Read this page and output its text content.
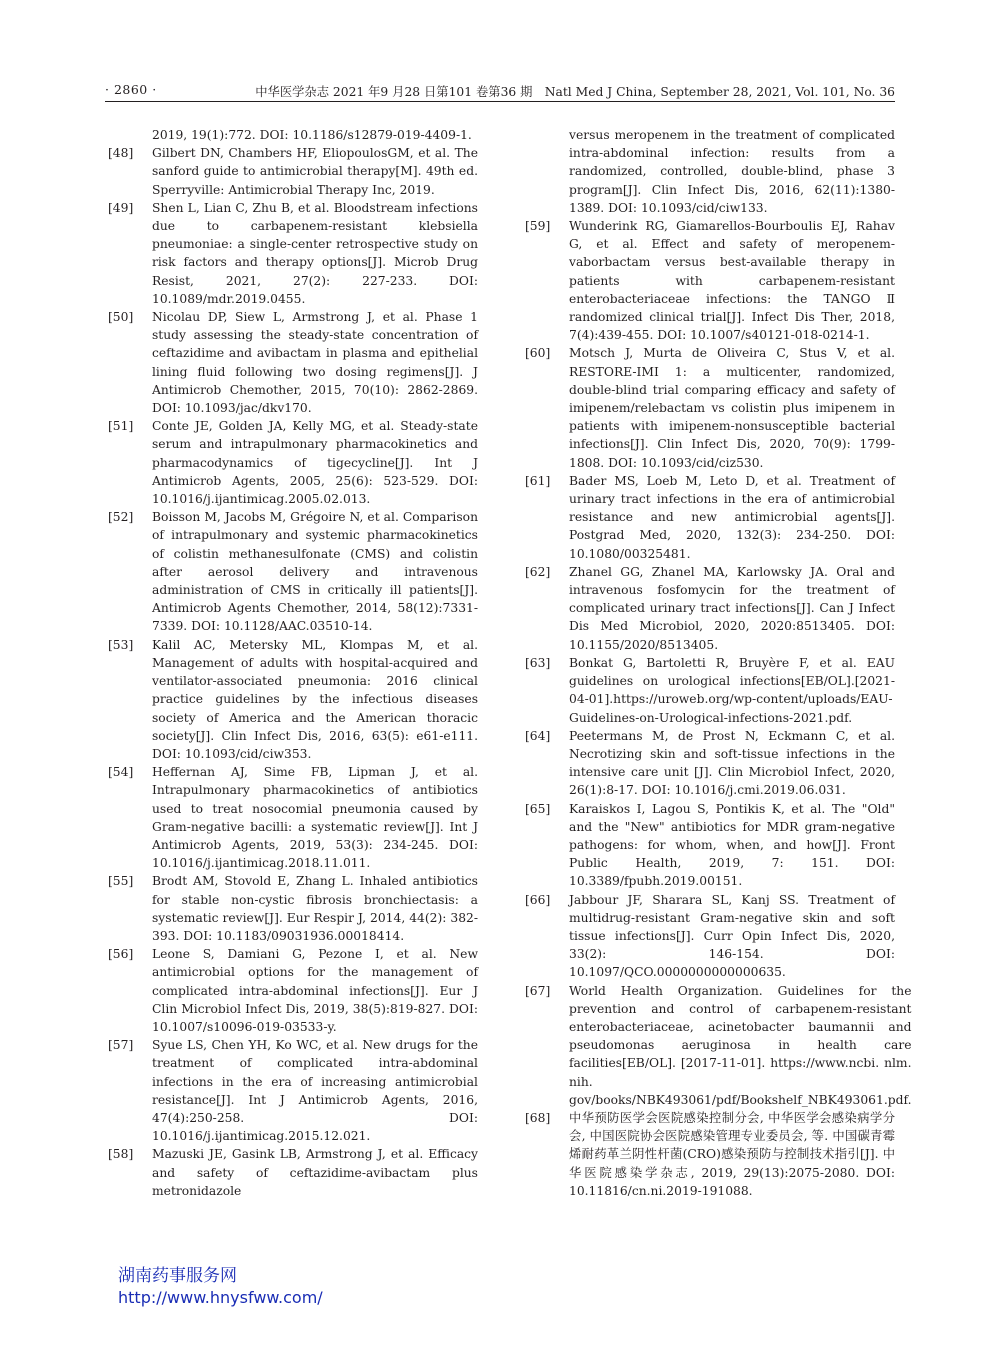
· 2860 ·	中华医学杂志 2021 年9 月28 日第101 卷第36 期　Natl Med J China, September 28, 2021, Vol. 101, No. 36
2019, 19(1):772. DOI: 10.1186/s12879-019-4409-1.
[48]	Gilbert DN, Chambers HF, EliopoulosGM, et al. The sanford guide to antimicrobial therapy[M]. 49th ed. Sperryville: Antimicrobial Therapy Inc, 2019.
[49]	Shen L, Lian C, Zhu B, et al. Bloodstream infections due to carbapenem-resistant klebsiella pneumoniae: a single-center retrospective study on risk factors and therapy options[J]. Microb Drug Resist, 2021, 27(2): 227-233. DOI: 10.1089/mdr.2019.0455.
[50]	Nicolau DP, Siew L, Armstrong J, et al. Phase 1 study assessing the steady-state concentration of ceftazidime and avibactam in plasma and epithelial lining fluid following two dosing regimens[J]. J Antimicrob Chemother, 2015, 70(10): 2862-2869. DOI: 10.1093/jac/dkv170.
[51]	Conte JE, Golden JA, Kelly MG, et al. Steady-state serum and intrapulmonary pharmacokinetics and pharmacodynamics of tigecycline[J]. Int J Antimicrob Agents, 2005, 25(6): 523-529. DOI: 10.1016/j.ijantimicag.2005.02.013.
[52]	Boisson M, Jacobs M, Grégoire N, et al. Comparison of intrapulmonary and systemic pharmacokinetics of colistin methanesulfonate (CMS) and colistin after aerosol delivery and intravenous administration of CMS in critically ill patients[J]. Antimicrob Agents Chemother, 2014, 58(12):7331-7339. DOI: 10.1128/AAC.03510-14.
[53]	Kalil AC, Metersky ML, Klompas M, et al. Management of adults with hospital-acquired and ventilator-associated pneumonia: 2016 clinical practice guidelines by the infectious diseases society of America and the American thoracic society[J]. Clin Infect Dis, 2016, 63(5): e61-e111. DOI: 10.1093/cid/ciw353.
[54]	Heffernan AJ, Sime FB, Lipman J, et al. Intrapulmonary pharmacokinetics of antibiotics used to treat nosocomial pneumonia caused by Gram-negative bacilli: a systematic review[J]. Int J Antimicrob Agents, 2019, 53(3): 234-245. DOI: 10.1016/j.ijantimicag.2018.11.011.
[55]	Brodt AM, Stovold E, Zhang L. Inhaled antibiotics for stable non-cystic fibrosis bronchiectasis: a systematic review[J]. Eur Respir J, 2014, 44(2): 382-393. DOI: 10.1183/09031936.00018414.
[56]	Leone S, Damiani G, Pezone I, et al. New antimicrobial options for the management of complicated intra-abdominal infections[J]. Eur J Clin Microbiol Infect Dis, 2019, 38(5):819-827. DOI: 10.1007/s10096-019-03533-y.
[57]	Syue LS, Chen YH, Ko WC, et al. New drugs for the treatment of complicated intra-abdominal infections in the era of increasing antimicrobial resistance[J]. Int J Antimicrob Agents, 2016, 47(4):250-258. DOI: 10.1016/j.ijantimicag.2015.12.021.
[58]	Mazuski JE, Gasink LB, Armstrong J, et al. Efficacy and safety of ceftazidime-avibactam plus metronidazole
versus meropenem in the treatment of complicated intra-abdominal infection: results from a randomized, controlled, double-blind, phase 3 program[J]. Clin Infect Dis, 2016, 62(11):1380-1389. DOI: 10.1093/cid/ciw133.
[59]	Wunderink RG, Giamarellos-Bourboulis EJ, Rahav G, et al. Effect and safety of meropenem-vaborbactam versus best-available therapy in patients with carbapenem-resistant enterobacteriaceae infections: the TANGO Ⅱ randomized clinical trial[J]. Infect Dis Ther, 2018, 7(4):439-455. DOI: 10.1007/s40121-018-0214-1.
[60]	Motsch J, Murta de Oliveira C, Stus V, et al. RESTORE-IMI 1: a multicenter, randomized, double-blind trial comparing efficacy and safety of imipenem/relebactam vs colistin plus imipenem in patients with imipenem-nonsusceptible bacterial infections[J]. Clin Infect Dis, 2020, 70(9): 1799-1808. DOI: 10.1093/cid/ciz530.
[61]	Bader MS, Loeb M, Leto D, et al. Treatment of urinary tract infections in the era of antimicrobial resistance and new antimicrobial agents[J]. Postgrad Med, 2020, 132(3): 234-250. DOI: 10.1080/00325481.
[62]	Zhanel GG, Zhanel MA, Karlowsky JA. Oral and intravenous fosfomycin for the treatment of complicated urinary tract infections[J]. Can J Infect Dis Med Microbiol, 2020, 2020:8513405. DOI: 10.1155/2020/8513405.
[63]	Bonkat G, Bartoletti R, Bruyère F, et al. EAU guidelines on urological infections[EB/OL].[2021-04-01].https://uroweb.org/wp-content/uploads/EAU-Guidelines-on-Urological-infections-2021.pdf.
[64]	Peetermans M, de Prost N, Eckmann C, et al. Necrotizing skin and soft-tissue infections in the intensive care unit [J]. Clin Microbiol Infect, 2020, 26(1):8-17. DOI: 10.1016/j.cmi.2019.06.031.
[65]	Karaiskos I, Lagou S, Pontikis K, et al. The "Old" and the "New" antibiotics for MDR gram-negative pathogens: for whom, when, and how[J]. Front Public Health, 2019, 7: 151. DOI: 10.3389/fpubh.2019.00151.
[66]	Jabbour JF, Sharara SL, Kanj SS. Treatment of multidrug-resistant Gram-negative skin and soft tissue infections[J]. Curr Opin Infect Dis, 2020, 33(2): 146-154. DOI: 10.1097/QCO.0000000000000635.
[67]	World Health Organization. Guidelines for the prevention and control of carbapenem-resistant enterobacteriaceae, acinetobacter baumannii and pseudomonas aeruginosa in health care facilities[EB/OL]. [2017-11-01]. https://www.ncbi. nlm. nih. gov/books/NBK493061/pdf/Bookshelf_NBK493061.pdf.
[68]	中华预防医学会医院感染控制分会, 中华医学会感染病学分会, 中国医院协会医院感染管理专业委员会, 等. 中国碳青霉烯耐药革兰阴性杆菌(CRO)感染预防与控制技术指引[J]. 中华医院感染学杂志, 2019, 29(13):2075-2080. DOI: 10.11816/cn.ni.2019-191088.
湖南药事服务网
http://www.hnysfww.com/
